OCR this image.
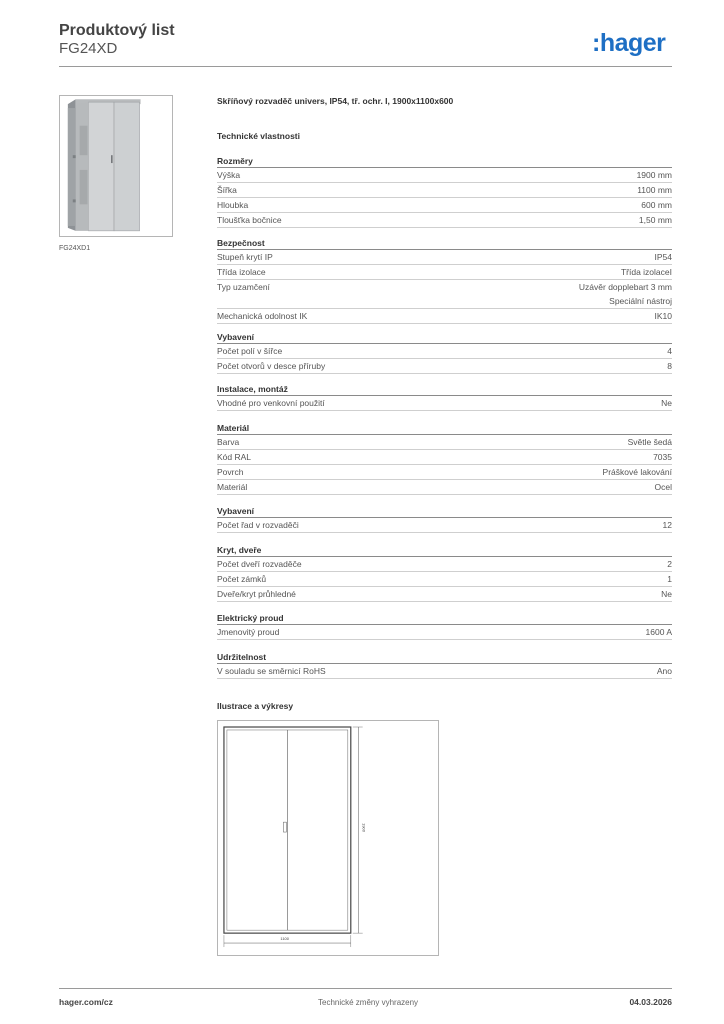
Produktový list
FG24XD	:hager
FG24XD1
Skříňový rozvaděč univers, IP54, tř. ochr. I, 1900x1100x600
Technické vlastnosti
Rozměry
Výška	1900 mm
Šířka	1100 mm
Hloubka	600 mm
Tloušťka bočnice	1,50 mm
Bezpečnost
Stupeň krytí IP	IP54
Třída izolace	Třída izolaceI
Typ uzamčení	Uzávěr dopplebart 3 mm
Speciální nástroj
Mechanická odolnost IK	IK10
Vybavení
Počet polí v šířce	4
Počet otvorů v desce příruby	8
Instalace, montáž
Vhodné pro venkovní použití	Ne
Materiál
Barva	Světle šedá
Kód RAL	7035
Povrch	Práškové lakování
Materiál	Ocel
Vybavení
Počet řad v rozvaděči	12
Kryt, dveře
Počet dveří rozvaděče	2
Počet zámků	1
Dveře/kryt průhledné	Ne
Elektrický proud
Jmenovitý proud	1600 A
Udržitelnost
V souladu se směrnicí RoHS	Ano
Ilustrace a výkresy
1100
1900
hager.com/cz	Technické změny vyhrazeny	04.03.2026
